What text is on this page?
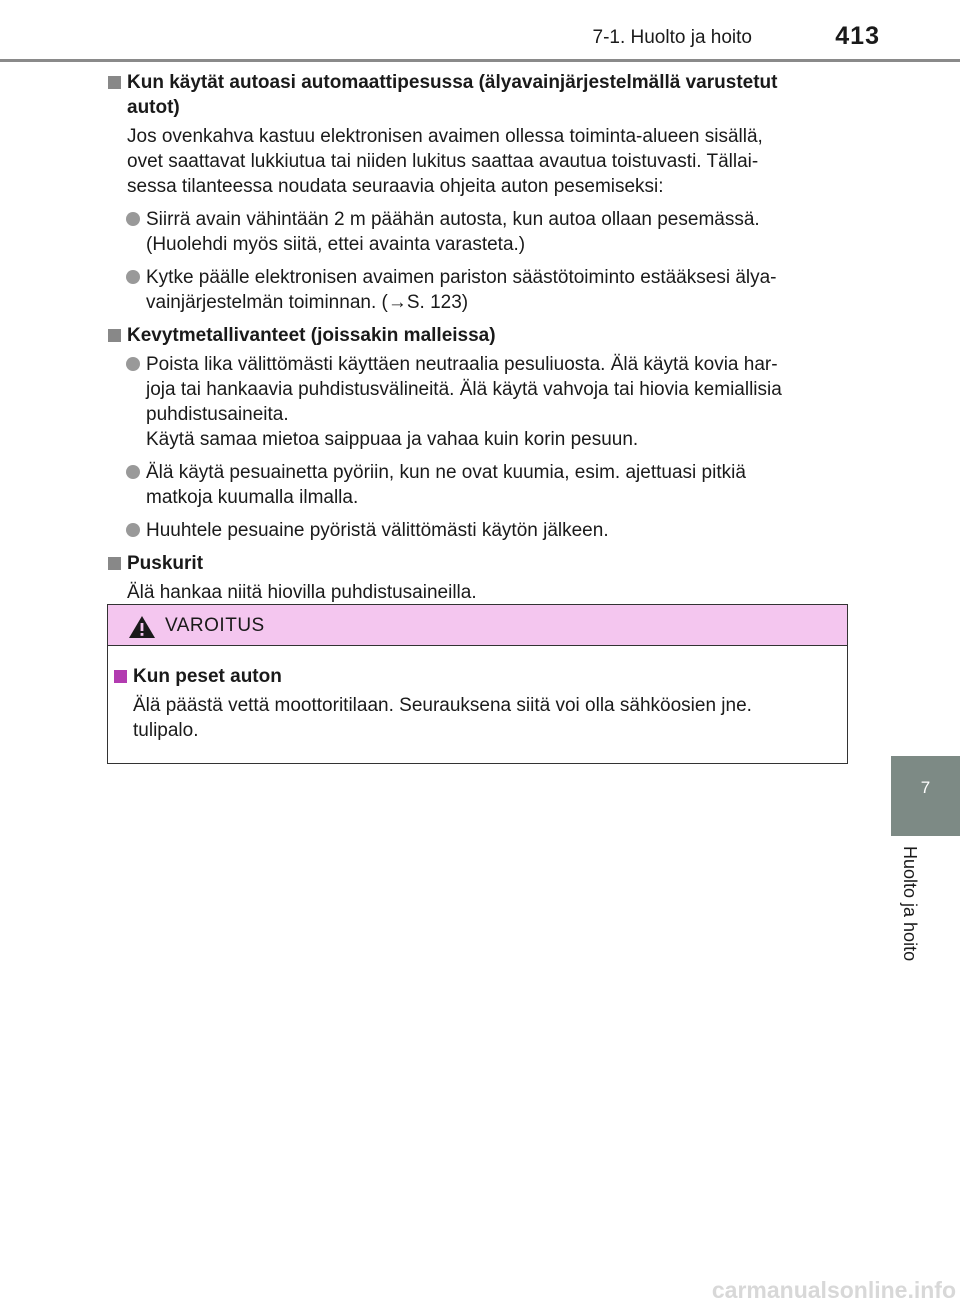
7-1. Huolto ja hoito	413
7
Huolto ja hoito
Kun käytät autoasi automaattipesussa (älyavainjärjestelmällä varustetut
autot)
Jos ovenkahva kastuu elektronisen avaimen ollessa toiminta-alueen sisällä,
ovet saattavat lukkiutua tai niiden lukitus saattaa avautua toistuvasti. Tällai-
sessa tilanteessa noudata seuraavia ohjeita auton pesemiseksi:
Siirrä avain vähintään 2 m päähän autosta, kun autoa ollaan pesemässä.
(Huolehdi myös siitä, ettei avainta varasteta.)
Kytke päälle elektronisen avaimen pariston säästötoiminto estääksesi älya-
vainjärjestelmän toiminnan. (→S. 123)
Kevytmetallivanteet (joissakin malleissa)
Poista lika välittömästi käyttäen neutraalia pesuliuosta. Älä käytä kovia har-
joja tai hankaavia puhdistusvälineitä. Älä käytä vahvoja tai hiovia kemiallisia
puhdistusaineita.
Käytä samaa mietoa saippuaa ja vahaa kuin korin pesuun.
Älä käytä pesuainetta pyöriin, kun ne ovat kuumia, esim. ajettuasi pitkiä
matkoja kuumalla ilmalla.
Huuhtele pesuaine pyöristä välittömästi käytön jälkeen.
Puskurit
Älä hankaa niitä hiovilla puhdistusaineilla.
VAROITUS
Kun peset auton
Älä päästä vettä moottoritilaan. Seurauksena siitä voi olla sähköosien jne.
tulipalo.
carmanualsonline.info
